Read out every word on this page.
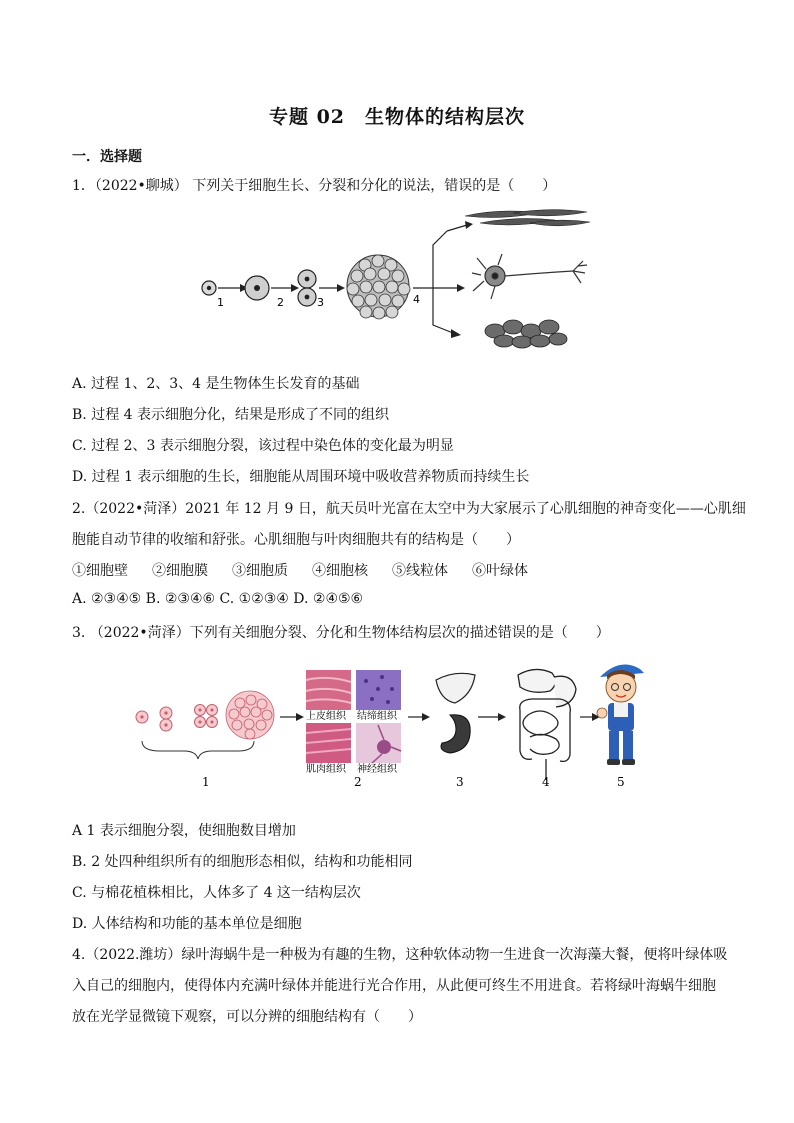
专题 02　生物体的结构层次
一．选择题
1．（2022•聊城） 下列关于细胞生长、分裂和分化的说法，错误的是（　　）
1	2	3	4
A. 过程 1、2、3、4 是生物体生长发育的基础
B. 过程 4 表示细胞分化，结果是形成了不同的组织
C. 过程 2、3 表示细胞分裂，该过程中染色体的变化最为明显
D. 过程 1 表示细胞的生长，细胞能从周围环境中吸收营养物质而持续生长
2.（2022•菏泽）2021 年 12 月 9 日，航天员叶光富在太空中为大家展示了心肌细胞的神奇变化——心肌细
胞能自动节律的收缩和舒张。心肌细胞与叶肉细胞共有的结构是（　　）
①细胞壁 ②细胞膜 ③细胞质 ④细胞核 ⑤线粒体 ⑥叶绿体
A. ②③④⑤ B. ②③④⑥ C. ①②③④ D. ②④⑤⑥
3. （2022•菏泽）下列有关细胞分裂、分化和生物体结构层次的描述错误的是（　　）
上皮组织 结缔组织
肌肉组织 神经组织
1	2	3	4	5
A 1 表示细胞分裂，使细胞数目增加
B. 2 处四种组织所有的细胞形态相似，结构和功能相同
C. 与棉花植株相比，人体多了 4 这一结构层次
D. 人体结构和功能的基本单位是细胞
4.（2022.潍坊）绿叶海蜗牛是一种极为有趣的生物，这种软体动物一生进食一次海藻大餐，便将叶绿体吸
入自己的细胞内，使得体内充满叶绿体并能进行光合作用，从此便可终生不用进食。若将绿叶海蜗牛细胞
放在光学显微镜下观察，可以分辨的细胞结构有（　　）
